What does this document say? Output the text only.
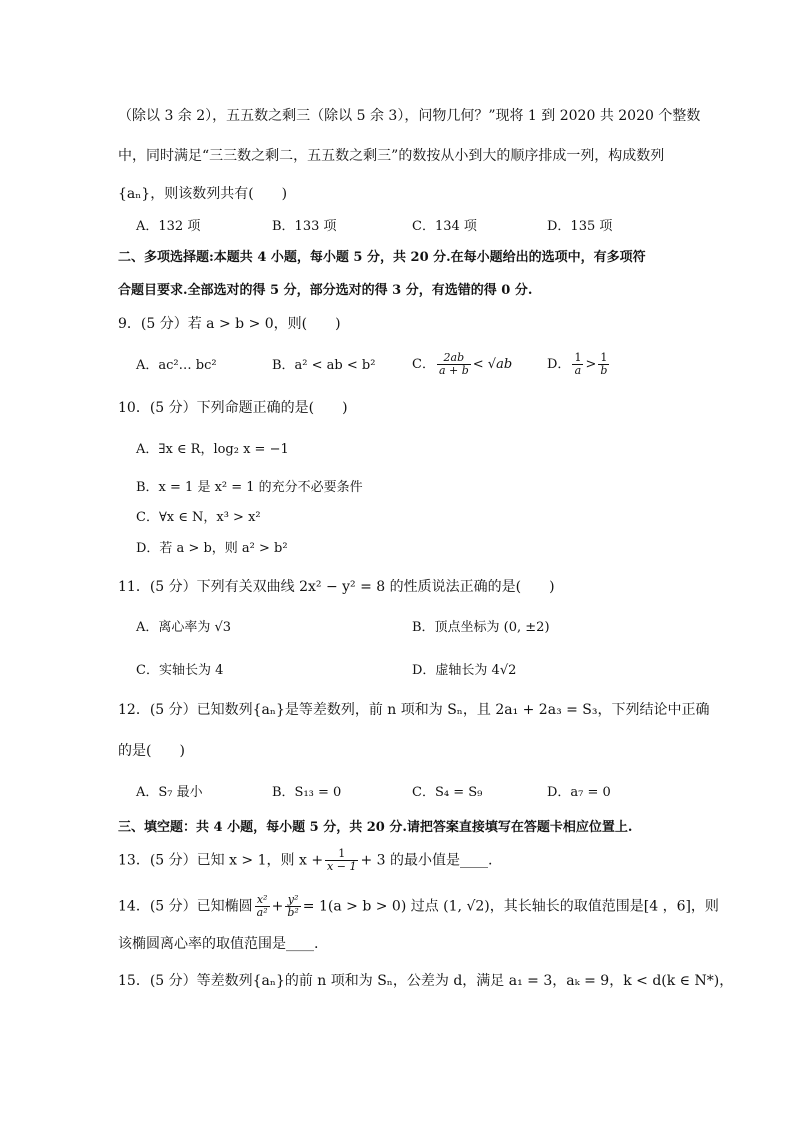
（除以 3 余 2），五五数之剩三（除以 5 余 3），问物几何？”现将 1 到 2020 共 2020 个整数
中，同时满足“三三数之剩二，五五数之剩三”的数按从小到大的顺序排成一列，构成数列
{aₙ}，则该数列共有(　　)
A．132 项	B．133 项	C．134 项	D．135 项
二、多项选择题:本题共 4 小题，每小题 5 分，共 20 分.在每小题给出的选项中，有多项符
合题目要求.全部选对的得 5 分，部分选对的得 3 分，有选错的得 0 分.
9．(5 分）若 a > b > 0，则(　　)
A．ac²… bc²	B．a² < ab < b²	C． $\frac{2ab}{a + b} < √ab$	D． $\frac{1}{a} > \frac{1}{b}$
10．(5 分）下列命题正确的是(　　)
A．∃x ∈ R，log₂ x = −1
B．x = 1 是 x² = 1 的充分不必要条件
C．∀x ∈ N，x³ > x²
D．若 a > b，则 a² > b²
11．(5 分）下列有关双曲线 2x² − y² = 8 的性质说法正确的是(　　)
A．离心率为 √3	B．顶点坐标为 (0, ±2)
C．实轴长为 4	D．虚轴长为 4√2
12．(5 分）已知数列{aₙ}是等差数列，前 n 项和为 Sₙ，且 2a₁ + 2a₃ = S₃，下列结论中正确
的是(　　)
A．S₇ 最小	B．S₁₃ = 0	C．S₄ = S₉	D．a₇ = 0
三、填空题：共 4 小题，每小题 5 分，共 20 分.请把答案直接填写在答题卡相应位置上.
13．(5 分）已知 x > 1，则 $x + \frac{1}{x - 1} + 3$ 的最小值是____.
14．(5 分）已知椭圆 $\frac{\text{x²}}{\text{a²}} + \frac{\text{y²}}{\text{b²}} = 1(a > b > 0)$ 过点 (1, √2)，其长轴长的取值范围是[4 ，6]，则
该椭圆离心率的取值范围是____.
15．(5 分）等差数列{aₙ}的前 n 项和为 Sₙ，公差为 d，满足 a₁ = 3，aₖ = 9，k < d(k ∈ N*)，
